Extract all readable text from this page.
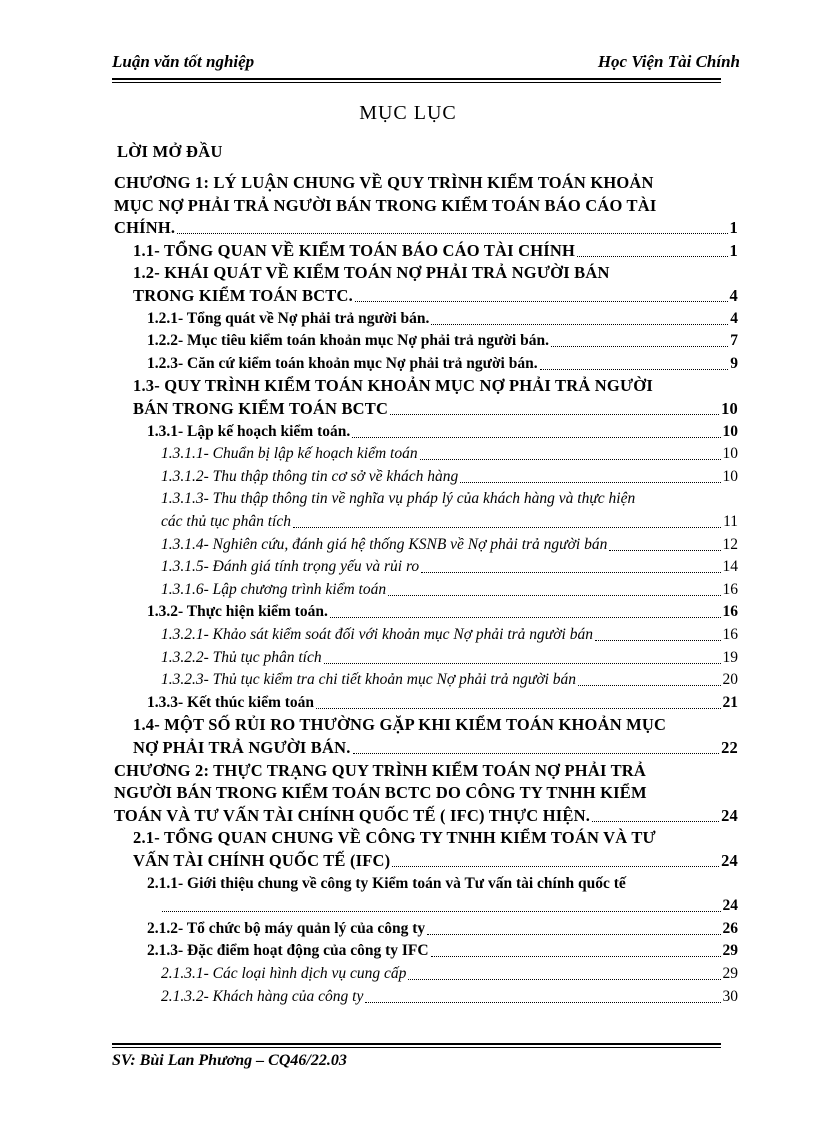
Luận văn tốt nghiệp	Học Viện Tài Chính
MỤC LỤC
LỜI MỞ ĐẦU
CHƯƠNG 1: LÝ LUẬN CHUNG VỀ QUY TRÌNH KIỂM TOÁN KHOẢN
MỤC NỢ PHẢI TRẢ NGƯỜI BÁN TRONG KIỂM TOÁN BÁO CÁO TÀI
CHÍNH.	1
1.1- TỔNG QUAN VỀ KIỂM TOÁN BÁO CÁO TÀI CHÍNH	1
1.2- KHÁI QUÁT VỀ KIỂM TOÁN NỢ PHẢI TRẢ NGƯỜI BÁN
TRONG KIỂM TOÁN BCTC.	4
1.2.1- Tổng quát về Nợ phải trả người bán.	4
1.2.2- Mục tiêu kiểm toán khoản mục Nợ phải trả người bán.	7
1.2.3- Căn cứ kiểm toán khoản mục Nợ phải trả người bán.	9
1.3- QUY TRÌNH KIỂM TOÁN KHOẢN MỤC NỢ PHẢI TRẢ NGƯỜI
BÁN TRONG KIỂM TOÁN BCTC	10
1.3.1- Lập kế hoạch kiểm toán.	10
1.3.1.1- Chuẩn bị lập kế hoạch kiểm toán	10
1.3.1.2- Thu thập thông tin cơ sở về khách hàng	10
1.3.1.3- Thu thập thông tin về nghĩa vụ pháp lý của khách hàng và thực hiện
các thủ tục phân tích	11
1.3.1.4- Nghiên cứu, đánh giá hệ thống KSNB về Nợ phải trả người bán	12
1.3.1.5- Đánh giá tính trọng yếu và rủi ro	14
1.3.1.6- Lập chương trình kiểm toán	16
1.3.2- Thực hiện kiểm toán.	16
1.3.2.1- Khảo sát kiểm soát đối với khoản mục Nợ phải trả người bán	16
1.3.2.2- Thủ tục phân tích	19
1.3.2.3- Thủ tục kiểm tra chi tiết khoản mục Nợ phải trả người bán	20
1.3.3- Kết thúc kiểm toán	21
1.4- MỘT SỐ RỦI RO THƯỜNG GẶP KHI KIỂM TOÁN KHOẢN MỤC
NỢ PHẢI TRẢ NGƯỜI BÁN.	22
CHƯƠNG 2: THỰC TRẠNG QUY TRÌNH KIỂM TOÁN NỢ PHẢI TRẢ
NGƯỜI BÁN TRONG KIỂM TOÁN BCTC DO CÔNG TY TNHH KIỂM
TOÁN VÀ TƯ VẤN TÀI CHÍNH QUỐC TẾ ( IFC) THỰC HIỆN.	24
2.1- TỔNG QUAN CHUNG VỀ CÔNG TY TNHH KIỂM TOÁN VÀ TƯ
VẤN TÀI CHÍNH QUỐC TẾ (IFC)	24
2.1.1- Giới thiệu chung về công ty Kiểm toán và Tư vấn tài chính quốc tế
24
2.1.2- Tổ chức bộ máy quản lý của công ty	26
2.1.3- Đặc điểm hoạt động của công ty IFC	29
2.1.3.1- Các loại hình dịch vụ cung cấp	29
2.1.3.2- Khách hàng của công ty	30
SV: Bùi Lan Phương – CQ46/22.03
